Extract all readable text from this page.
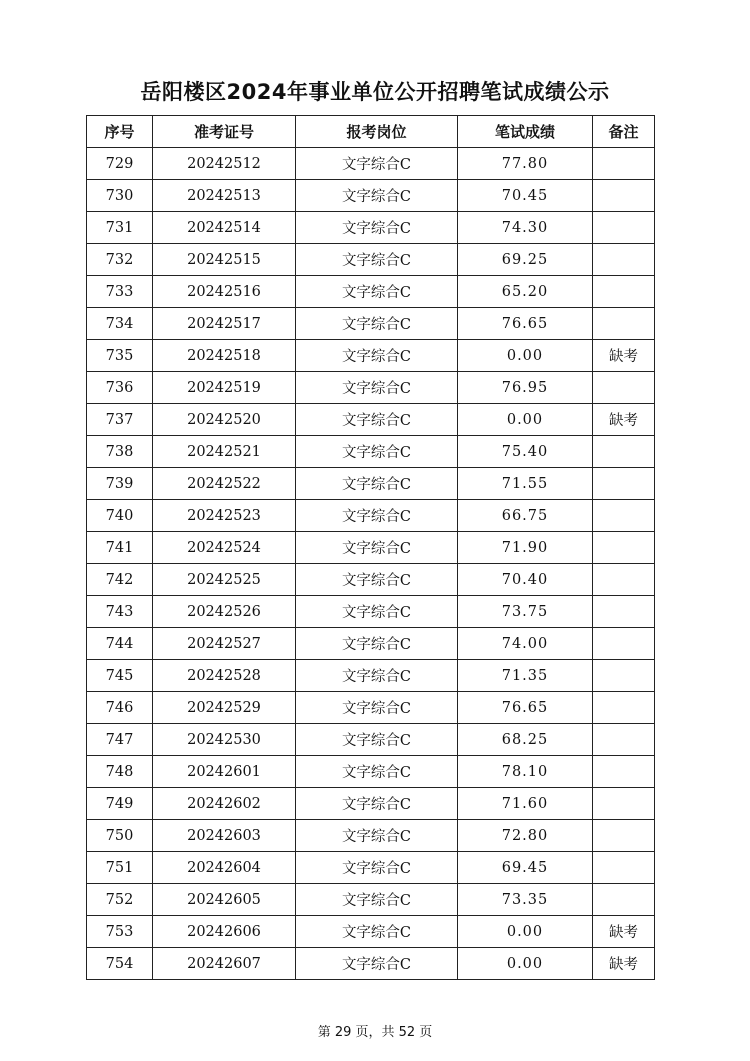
岳阳楼区2024年事业单位公开招聘笔试成绩公示
序号	准考证号	报考岗位	笔试成绩	备注
729	20242512	文字综合C	77.80	
730	20242513	文字综合C	70.45	
731	20242514	文字综合C	74.30	
732	20242515	文字综合C	69.25	
733	20242516	文字综合C	65.20	
734	20242517	文字综合C	76.65	
735	20242518	文字综合C	0.00	缺考
736	20242519	文字综合C	76.95	
737	20242520	文字综合C	0.00	缺考
738	20242521	文字综合C	75.40	
739	20242522	文字综合C	71.55	
740	20242523	文字综合C	66.75	
741	20242524	文字综合C	71.90	
742	20242525	文字综合C	70.40	
743	20242526	文字综合C	73.75	
744	20242527	文字综合C	74.00	
745	20242528	文字综合C	71.35	
746	20242529	文字综合C	76.65	
747	20242530	文字综合C	68.25	
748	20242601	文字综合C	78.10	
749	20242602	文字综合C	71.60	
750	20242603	文字综合C	72.80	
751	20242604	文字综合C	69.45	
752	20242605	文字综合C	73.35	
753	20242606	文字综合C	0.00	缺考
754	20242607	文字综合C	0.00	缺考
第 29 页，共 52 页
